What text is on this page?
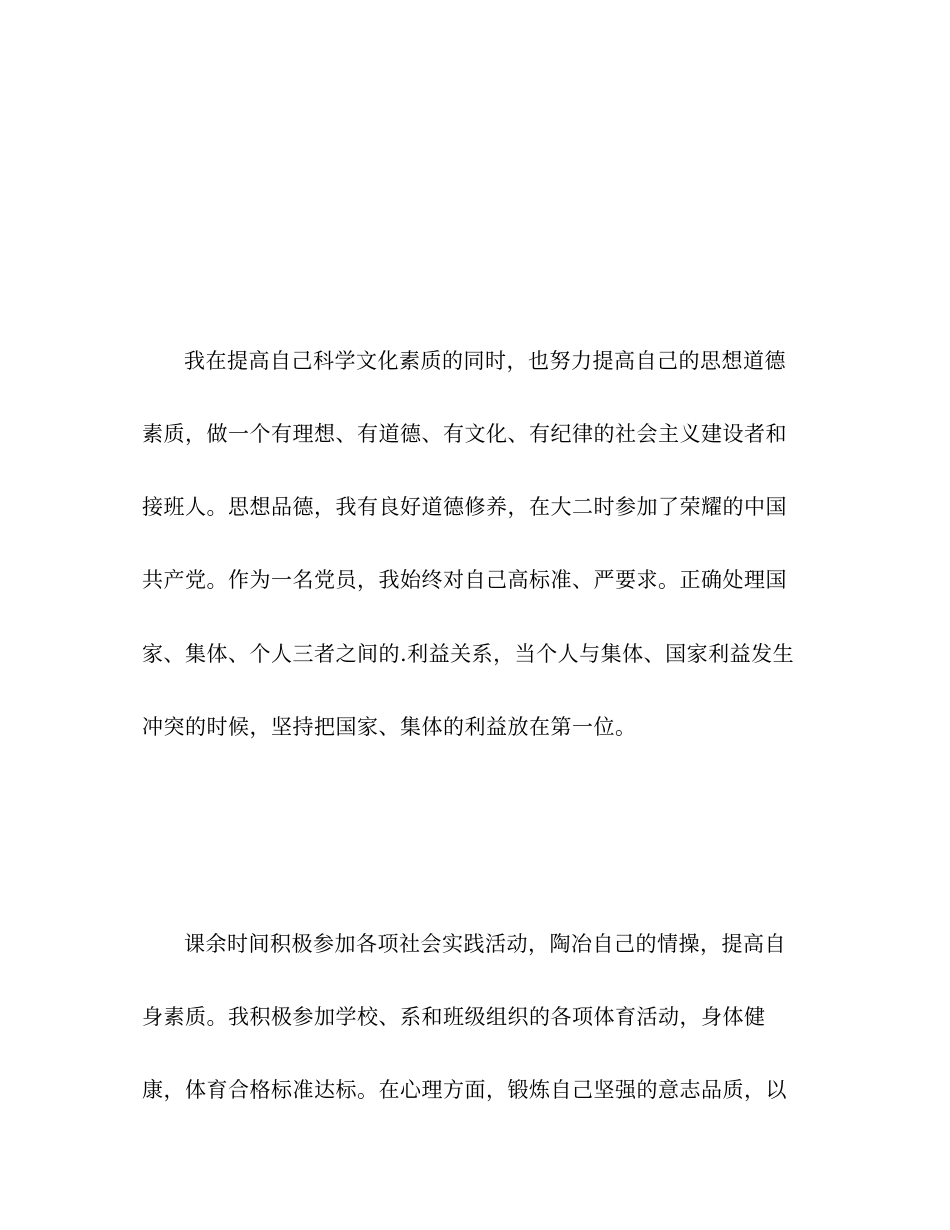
我在提高自己科学文化素质的同时，也努力提高自己的思想道德
素质，做一个有理想、有道德、有文化、有纪律的社会主义建设者和
接班人。思想品德，我有良好道德修养，在大二时参加了荣耀的中国
共产党。作为一名党员，我始终对自己高标准、严要求。正确处理国
家、集体、个人三者之间的.利益关系，当个人与集体、国家利益发生
冲突的时候，坚持把国家、集体的利益放在第一位。
课余时间积极参加各项社会实践活动，陶冶自己的情操，提高自
身素质。我积极参加学校、系和班级组织的各项体育活动，身体健
康，体育合格标准达标。在心理方面，锻炼自己坚强的意志品质，以
